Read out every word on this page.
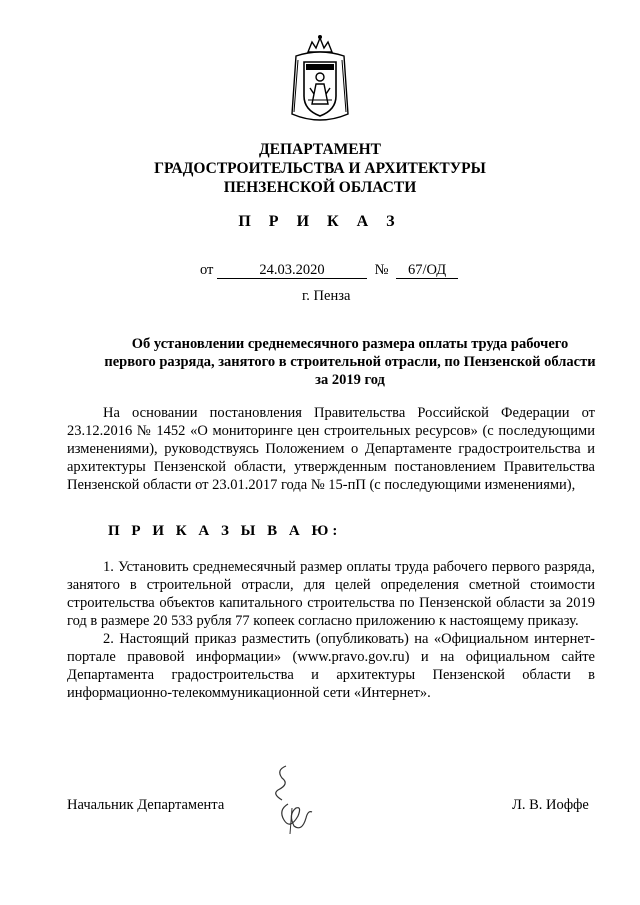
ДЕПАРТАМЕНТ
ГРАДОСТРОИТЕЛЬСТВА И АРХИТЕКТУРЫ
ПЕНЗЕНСКОЙ ОБЛАСТИ
П Р И К А З
от	24.03.2020	№ 67/ОД
г. Пенза
Об установлении среднемесячного размера оплаты труда рабочего
первого разряда, занятого в строительной отрасли, по Пензенской области
за 2019 год

На основании постановления Правительства Российской Федерации от 23.12.2016 № 1452 «О мониторинге цен строительных ресурсов» (с последующими изменениями), руководствуясь Положением о Департаменте градостроительства и архитектуры Пензенской области, утвержденным постановлением Правительства Пензенской области от 23.01.2017 года № 15-пП (с последующими изменениями),

П Р И К А З Ы В А Ю:

1. Установить среднемесячный размер оплаты труда рабочего первого разряда, занятого в строительной отрасли, для целей определения сметной стоимости строительства объектов капитального строительства по Пензенской области за 2019 год в размере 20 533 рубля 77 копеек согласно приложению к настоящему приказу.

2. Настоящий приказ разместить (опубликовать) на «Официальном интернет-портале правовой информации» (www.pravo.gov.ru) и на официальном сайте Департамента градостроительства и архитектуры Пензенской области в информационно-телекоммуникационной сети «Интернет».

Начальник Департамента	Л. В. Иоффе
